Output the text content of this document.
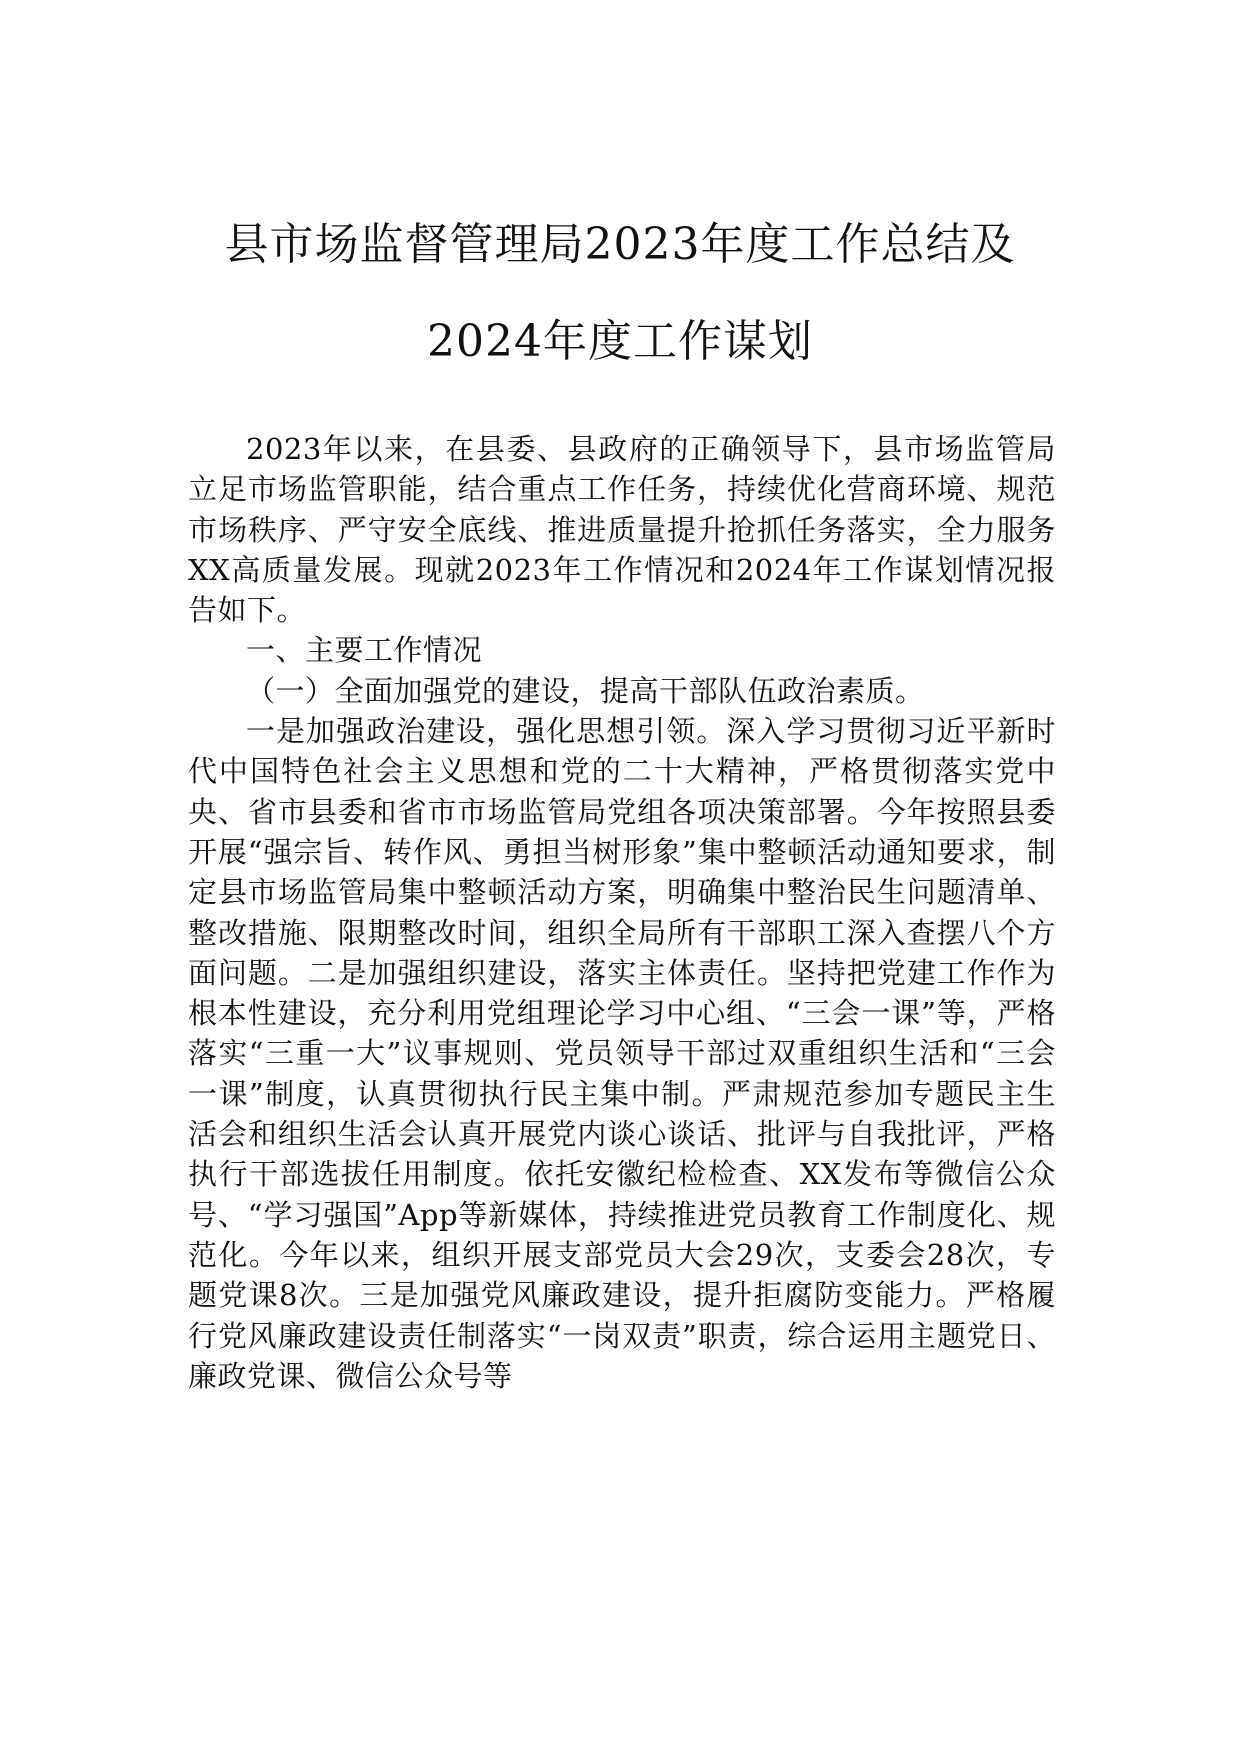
县市场监督管理局2023年度工作总结及
2024年度工作谋划

2023年以来，在县委、县政府的正确领导下，县市场监管局立足市场监管职能，结合重点工作任务，持续优化营商环境、规范市场秩序、严守安全底线、推进质量提升抢抓任务落实，全力服务XX高质量发展。现就2023年工作情况和2024年工作谋划情况报告如下。

一、主要工作情况

（一）全面加强党的建设，提高干部队伍政治素质。

一是加强政治建设，强化思想引领。深入学习贯彻习近平新时代中国特色社会主义思想和党的二十大精神，严格贯彻落实党中央、省市县委和省市市场监管局党组各项决策部署。今年按照县委开展“强宗旨、转作风、勇担当树形象”集中整顿活动通知要求，制定县市场监管局集中整顿活动方案，明确集中整治民生问题清单、整改措施、限期整改时间，组织全局所有干部职工深入查摆八个方面问题。二是加强组织建设，落实主体责任。坚持把党建工作作为根本性建设，充分利用党组理论学习中心组、“三会一课”等，严格落实“三重一大”议事规则、党员领导干部过双重组织生活和“三会一课”制度，认真贯彻执行民主集中制。严肃规范参加专题民主生活会和组织生活会认真开展党内谈心谈话、批评与自我批评，严格执行干部选拔任用制度。依托安徽纪检检查、XX发布等微信公众号、“学习强国”App等新媒体，持续推进党员教育工作制度化、规范化。今年以来，组织开展支部党员大会29次，支委会28次，专题党课8次。三是加强党风廉政建设，提升拒腐防变能力。严格履行党风廉政建设责任制落实“一岗双责”职责，综合运用主题党日、廉政党课、微信公众号等
